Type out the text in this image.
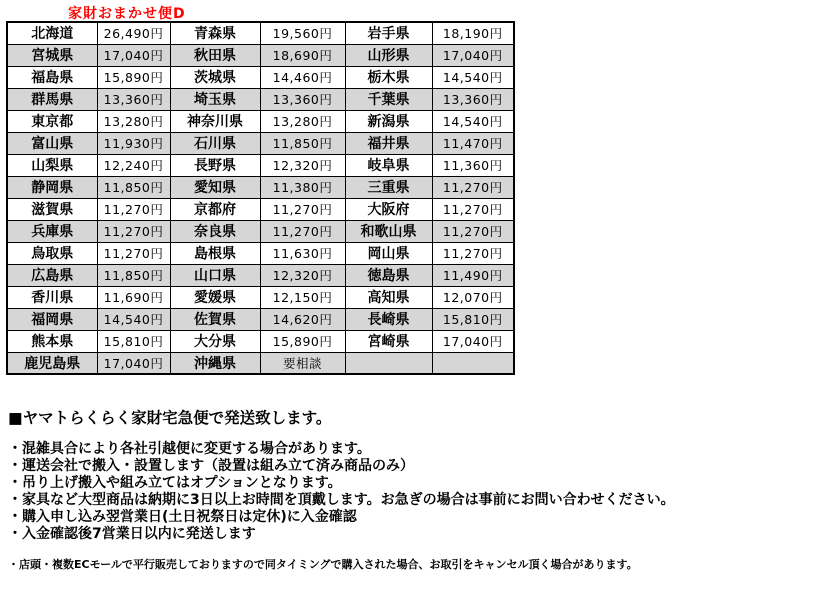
家財おまかせ便D
北海道	26,490円	青森県	19,560円	岩手県	18,190円
宮城県	17,040円	秋田県	18,690円	山形県	17,040円
福島県	15,890円	茨城県	14,460円	栃木県	14,540円
群馬県	13,360円	埼玉県	13,360円	千葉県	13,360円
東京都	13,280円	神奈川県	13,280円	新潟県	14,540円
富山県	11,930円	石川県	11,850円	福井県	11,470円
山梨県	12,240円	長野県	12,320円	岐阜県	11,360円
静岡県	11,850円	愛知県	11,380円	三重県	11,270円
滋賀県	11,270円	京都府	11,270円	大阪府	11,270円
兵庫県	11,270円	奈良県	11,270円	和歌山県	11,270円
鳥取県	11,270円	島根県	11,630円	岡山県	11,270円
広島県	11,850円	山口県	12,320円	徳島県	11,490円
香川県	11,690円	愛媛県	12,150円	高知県	12,070円
福岡県	14,540円	佐賀県	14,620円	長崎県	15,810円
熊本県	15,810円	大分県	15,890円	宮崎県	17,040円
鹿児島県	17,040円	沖縄県	要相談		
■ヤマトらくらく家財宅急便で発送致します。
・混雑具合により各社引越便に変更する場合があります。
・運送会社で搬入・設置します（設置は組み立て済み商品のみ）
・吊り上げ搬入や組み立てはオプションとなります。
・家具など大型商品は納期に3日以上お時間を頂戴します。お急ぎの場合は事前にお問い合わせください。
・購入申し込み翌営業日(土日祝祭日は定休)に入金確認
・入金確認後7営業日以内に発送します
・店頭・複数ECモールで平行販売しておりますので同タイミングで購入された場合、お取引をキャンセル頂く場合があります。
